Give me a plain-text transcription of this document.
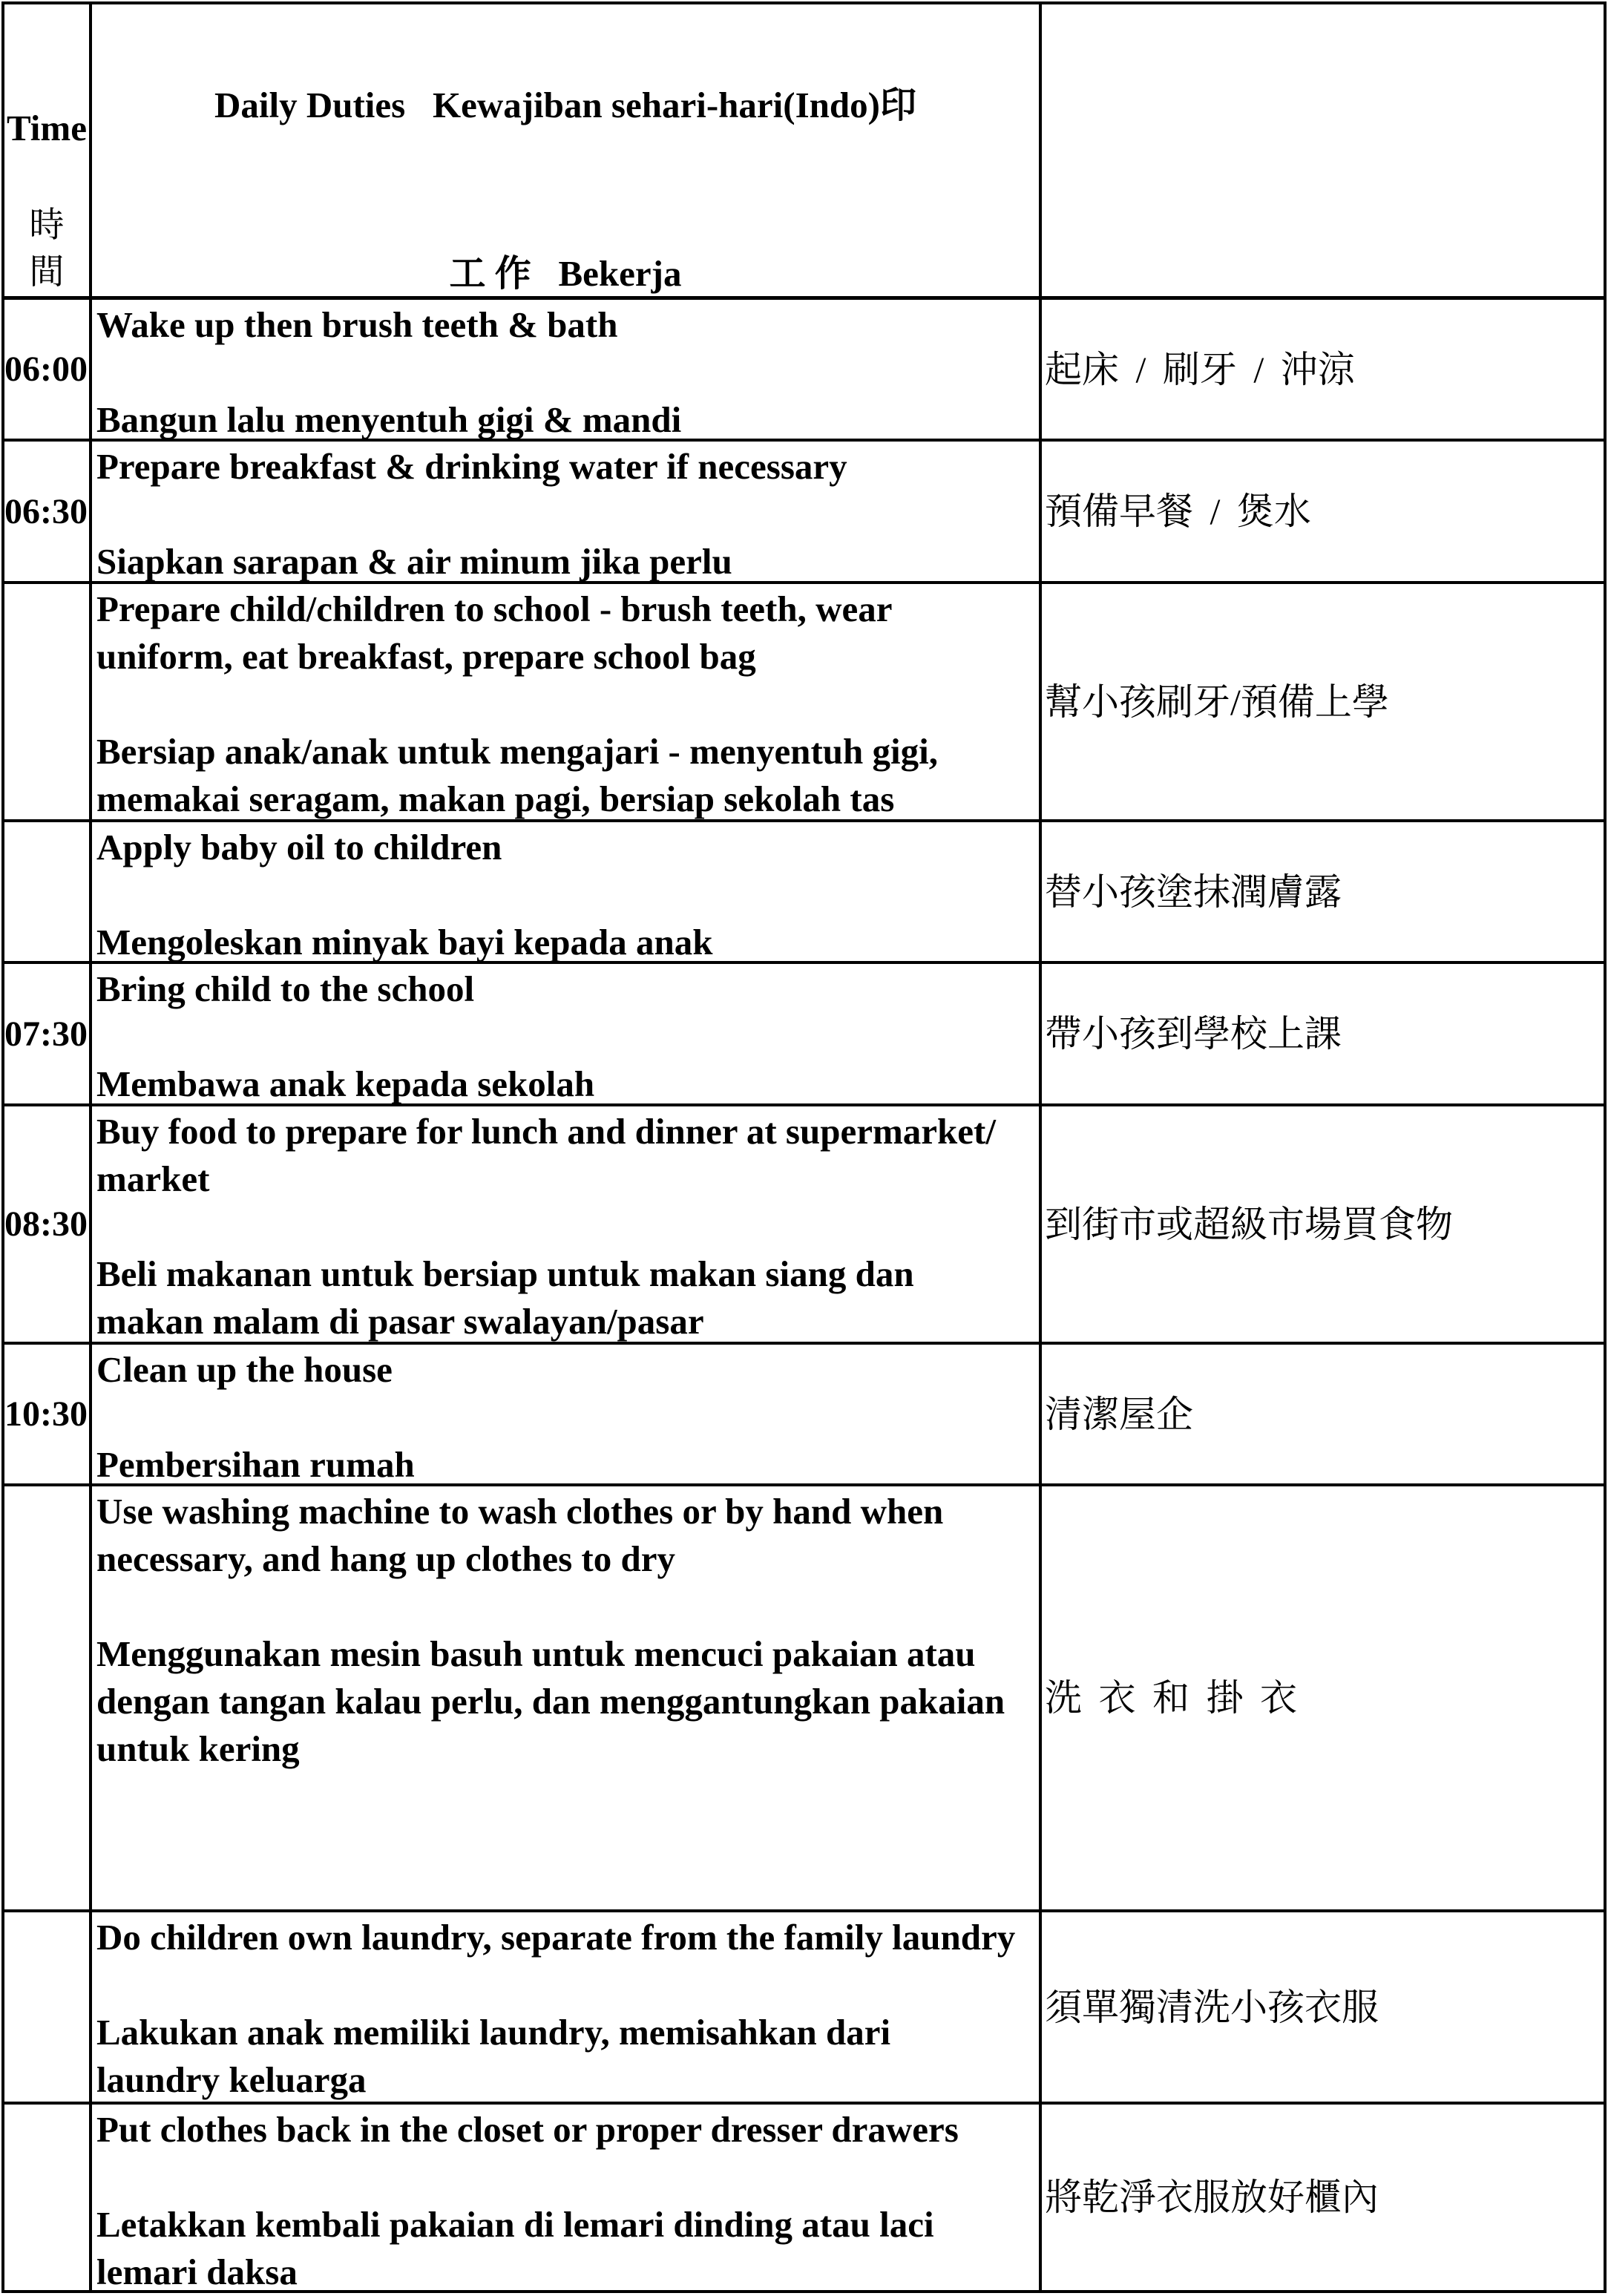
Time
時
間
Daily Duties   Kewajiban sehari-hari(Indo)印
工 作   Bekerja
06:00
Wake up then brush teeth & bath
Bangun lalu menyentuh gigi & mandi
起床 / 刷牙 / 沖涼
06:30
Prepare breakfast & drinking water if necessary
Siapkan sarapan & air minum jika perlu
預備早餐 / 煲水
Prepare child/children to school - brush teeth, wear
uniform, eat breakfast, prepare school bag
Bersiap anak/anak untuk mengajari - menyentuh gigi,
memakai seragam, makan pagi, bersiap sekolah tas
幫小孩刷牙/預備上學
Apply baby oil to children
Mengoleskan minyak bayi kepada anak
替小孩塗抹潤膚露
07:30
Bring child to the school
Membawa anak kepada sekolah
帶小孩到學校上課
08:30
Buy food to prepare for lunch and dinner at supermarket/
market
Beli makanan untuk bersiap untuk makan siang dan
makan malam di pasar swalayan/pasar
到街市或超級市場買食物
10:30
Clean up the house
Pembersihan rumah
清潔屋企
Use washing machine to wash clothes or by hand when
necessary, and hang up clothes to dry
Menggunakan mesin basuh untuk mencuci pakaian atau
dengan tangan kalau perlu, dan menggantungkan pakaian
untuk kering
洗 衣 和 掛 衣
Do children own laundry, separate from the family laundry
Lakukan anak memiliki laundry, memisahkan dari
laundry keluarga
須單獨清洗小孩衣服
Put clothes back in the closet or proper dresser drawers
Letakkan kembali pakaian di lemari dinding atau laci
lemari daksa
將乾淨衣服放好櫃內
